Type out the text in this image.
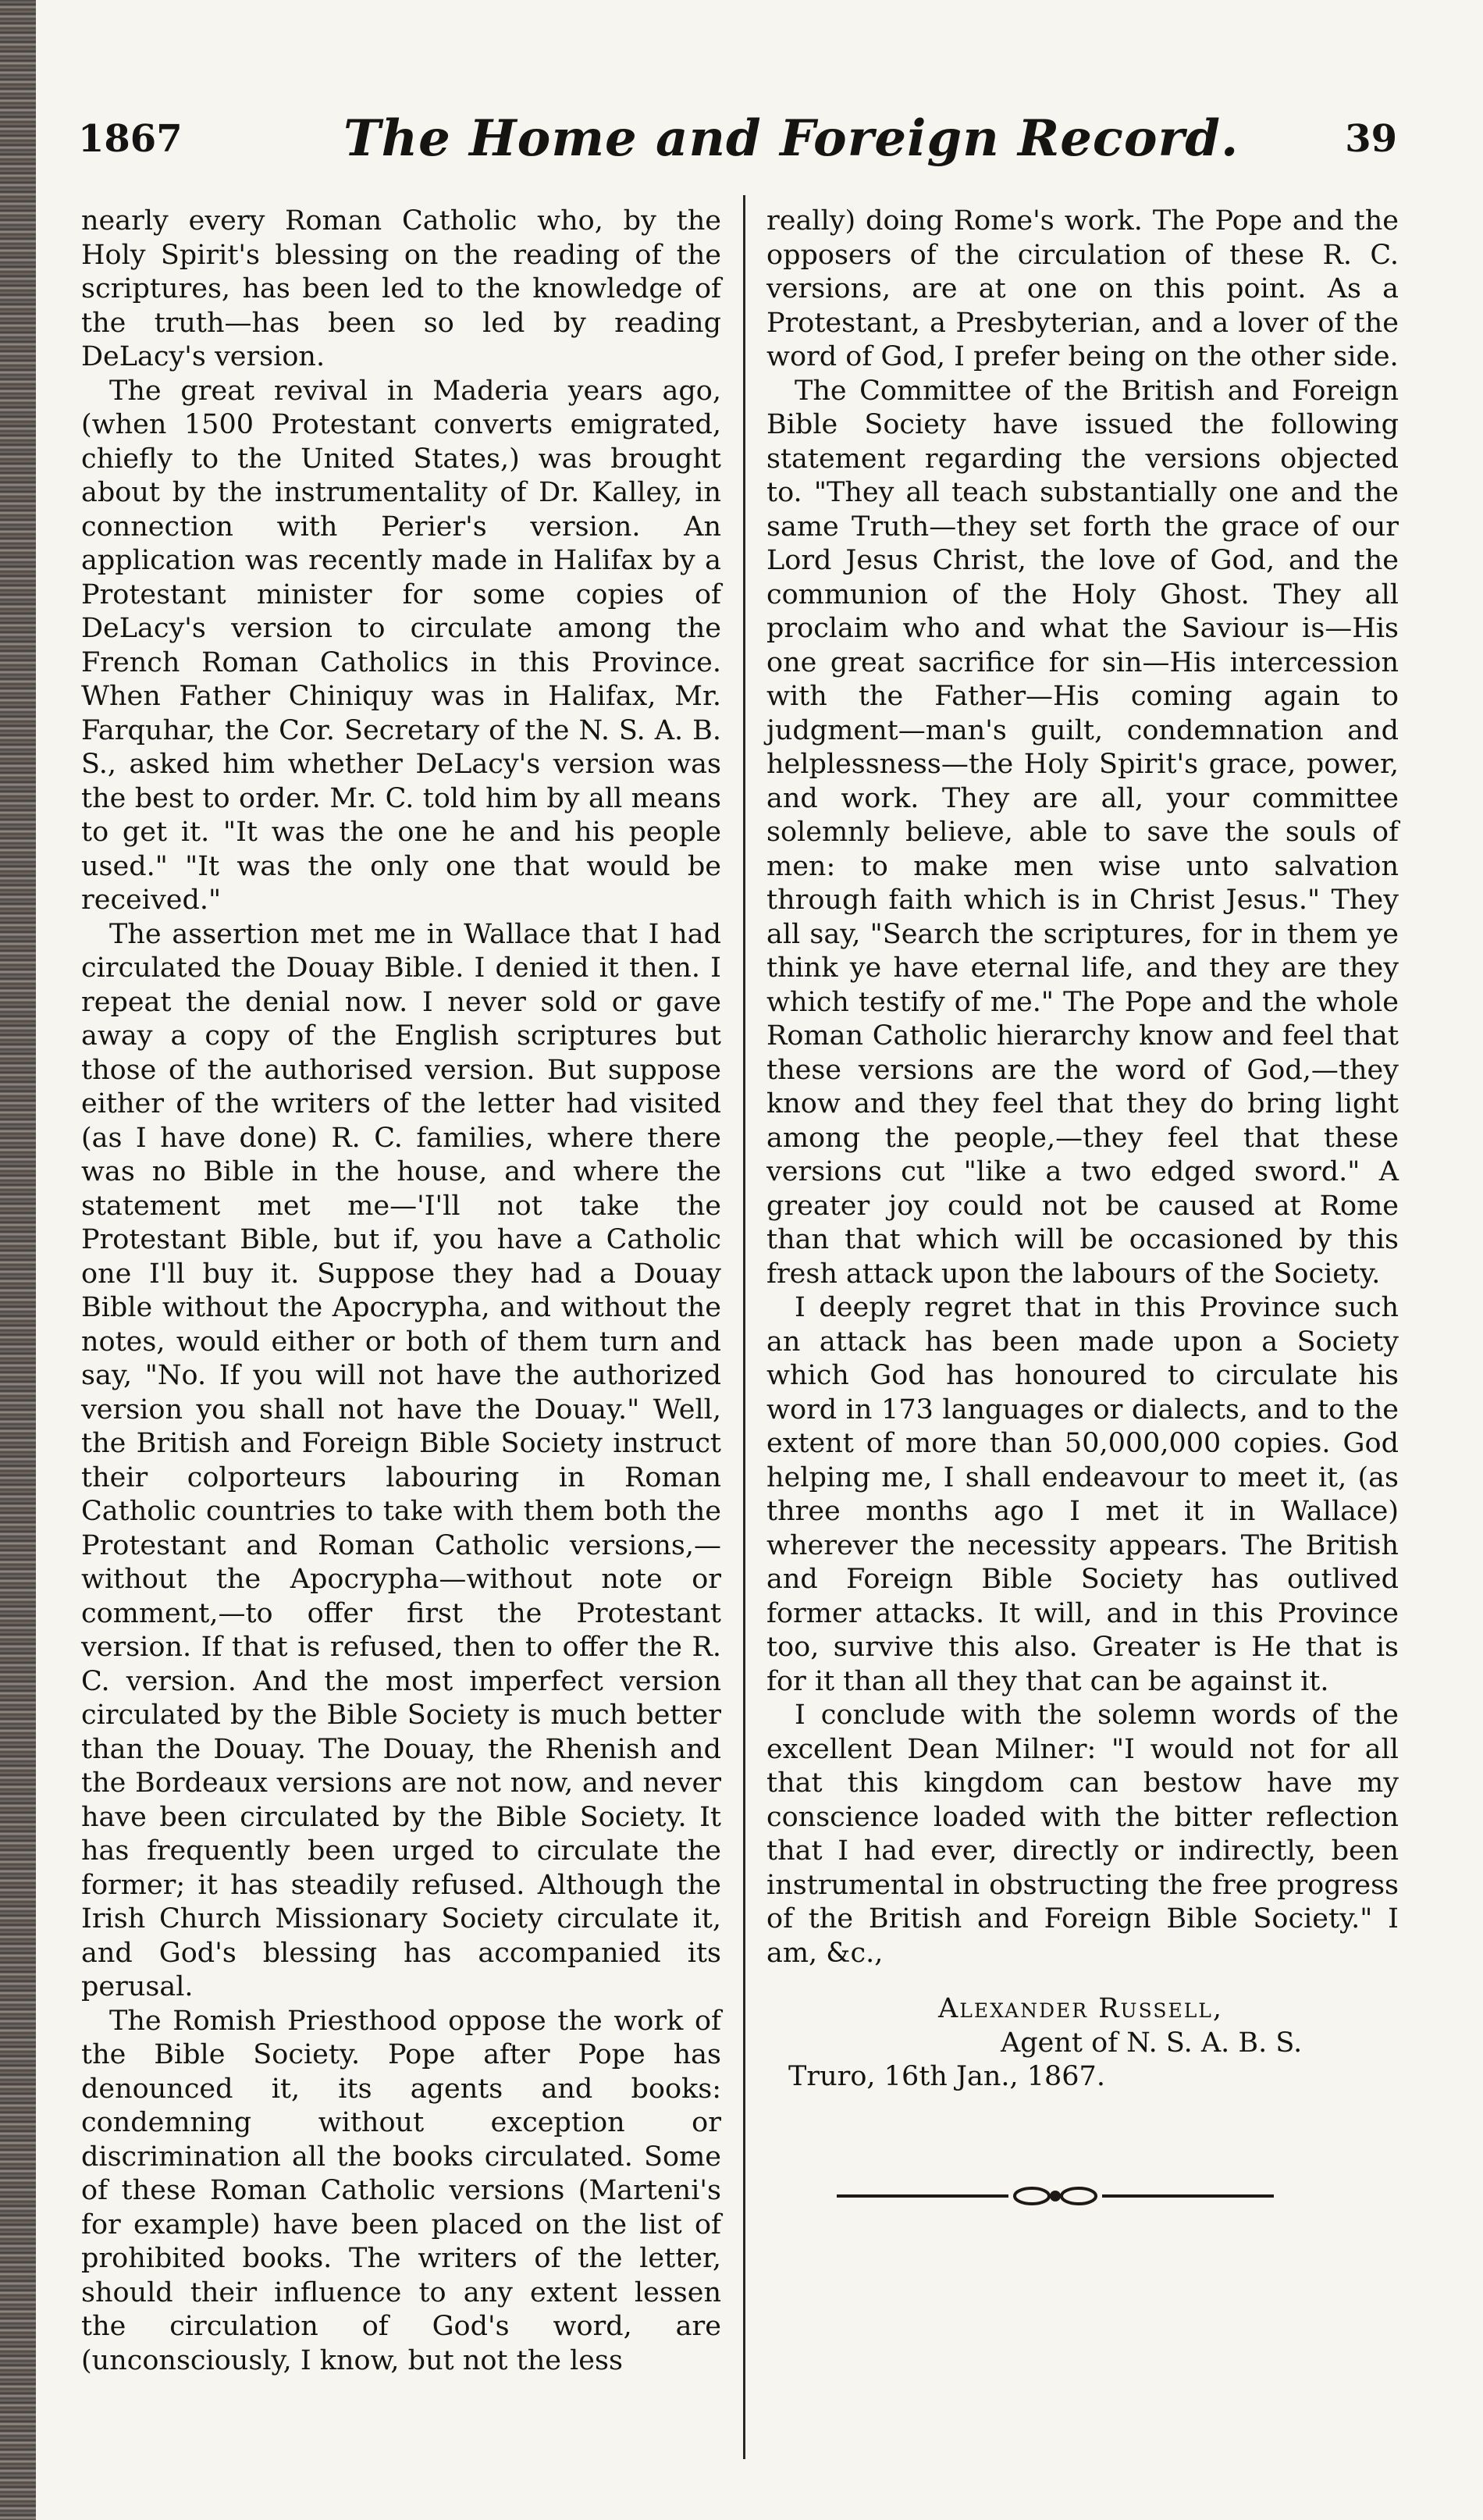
1867	The Home and Foreign Record.	39

nearly every Roman Catholic who, by the Holy Spirit's blessing on the reading of the scriptures, has been led to the knowledge of the truth—has been so led by reading DeLacy's version.

The great revival in Maderia years ago, (when 1500 Protestant converts emigrated, chiefly to the United States,) was brought about by the instrumentality of Dr. Kalley, in connection with Perier's version. An application was recently made in Halifax by a Protestant minister for some copies of DeLacy's version to circulate among the French Roman Catholics in this Province. When Father Chiniquy was in Halifax, Mr. Farquhar, the Cor. Secretary of the N. S. A. B. S., asked him whether DeLacy's version was the best to order. Mr. C. told him by all means to get it. "It was the one he and his people used." "It was the only one that would be received."

The assertion met me in Wallace that I had circulated the Douay Bible. I denied it then. I repeat the denial now. I never sold or gave away a copy of the English scriptures but those of the authorised version. But suppose either of the writers of the letter had visited (as I have done) R. C. families, where there was no Bible in the house, and where the statement met me—'I'll not take the Protestant Bible, but if, you have a Catholic one I'll buy it. Suppose they had a Douay Bible without the Apocrypha, and without the notes, would either or both of them turn and say, "No. If you will not have the authorized version you shall not have the Douay." Well, the British and Foreign Bible Society instruct their colporteurs labouring in Roman Catholic countries to take with them both the Protestant and Roman Catholic versions,—without the Apocrypha—without note or comment,—to offer first the Protestant version. If that is refused, then to offer the R. C. version. And the most imperfect version circulated by the Bible Society is much better than the Douay. The Douay, the Rhenish and the Bordeaux versions are not now, and never have been circulated by the Bible Society. It has frequently been urged to circulate the former; it has steadily refused. Although the Irish Church Missionary Society circulate it, and God's blessing has accompanied its perusal.

The Romish Priesthood oppose the work of the Bible Society. Pope after Pope has denounced it, its agents and books: condemning without exception or discrimination all the books circulated. Some of these Roman Catholic versions (Marteni's for example) have been placed on the list of prohibited books. The writers of the letter, should their influence to any extent lessen the circulation of God's word, are (unconsciously, I know, but not the less

really) doing Rome's work. The Pope and the opposers of the circulation of these R. C. versions, are at one on this point. As a Protestant, a Presbyterian, and a lover of the word of God, I prefer being on the other side.

The Committee of the British and Foreign Bible Society have issued the following statement regarding the versions objected to. "They all teach substantially one and the same Truth—they set forth the grace of our Lord Jesus Christ, the love of God, and the communion of the Holy Ghost. They all proclaim who and what the Saviour is—His one great sacrifice for sin—His intercession with the Father—His coming again to judgment—man's guilt, condemnation and helplessness—the Holy Spirit's grace, power, and work. They are all, your committee solemnly believe, able to save the souls of men: to make men wise unto salvation through faith which is in Christ Jesus." They all say, "Search the scriptures, for in them ye think ye have eternal life, and they are they which testify of me." The Pope and the whole Roman Catholic hierarchy know and feel that these versions are the word of God,—they know and they feel that they do bring light among the people,—they feel that these versions cut "like a two edged sword." A greater joy could not be caused at Rome than that which will be occasioned by this fresh attack upon the labours of the Society.

I deeply regret that in this Province such an attack has been made upon a Society which God has honoured to circulate his word in 173 languages or dialects, and to the extent of more than 50,000,000 copies. God helping me, I shall endeavour to meet it, (as three months ago I met it in Wallace) wherever the necessity appears. The British and Foreign Bible Society has outlived former attacks. It will, and in this Province too, survive this also. Greater is He that is for it than all they that can be against it.

I conclude with the solemn words of the excellent Dean Milner: "I would not for all that this kingdom can bestow have my conscience loaded with the bitter reflection that I had ever, directly or indirectly, been instrumental in obstructing the free progress of the British and Foreign Bible Society." I am, &c.,

Alexander Russell,
Agent of N. S. A. B. S.
Truro, 16th Jan., 1867.
